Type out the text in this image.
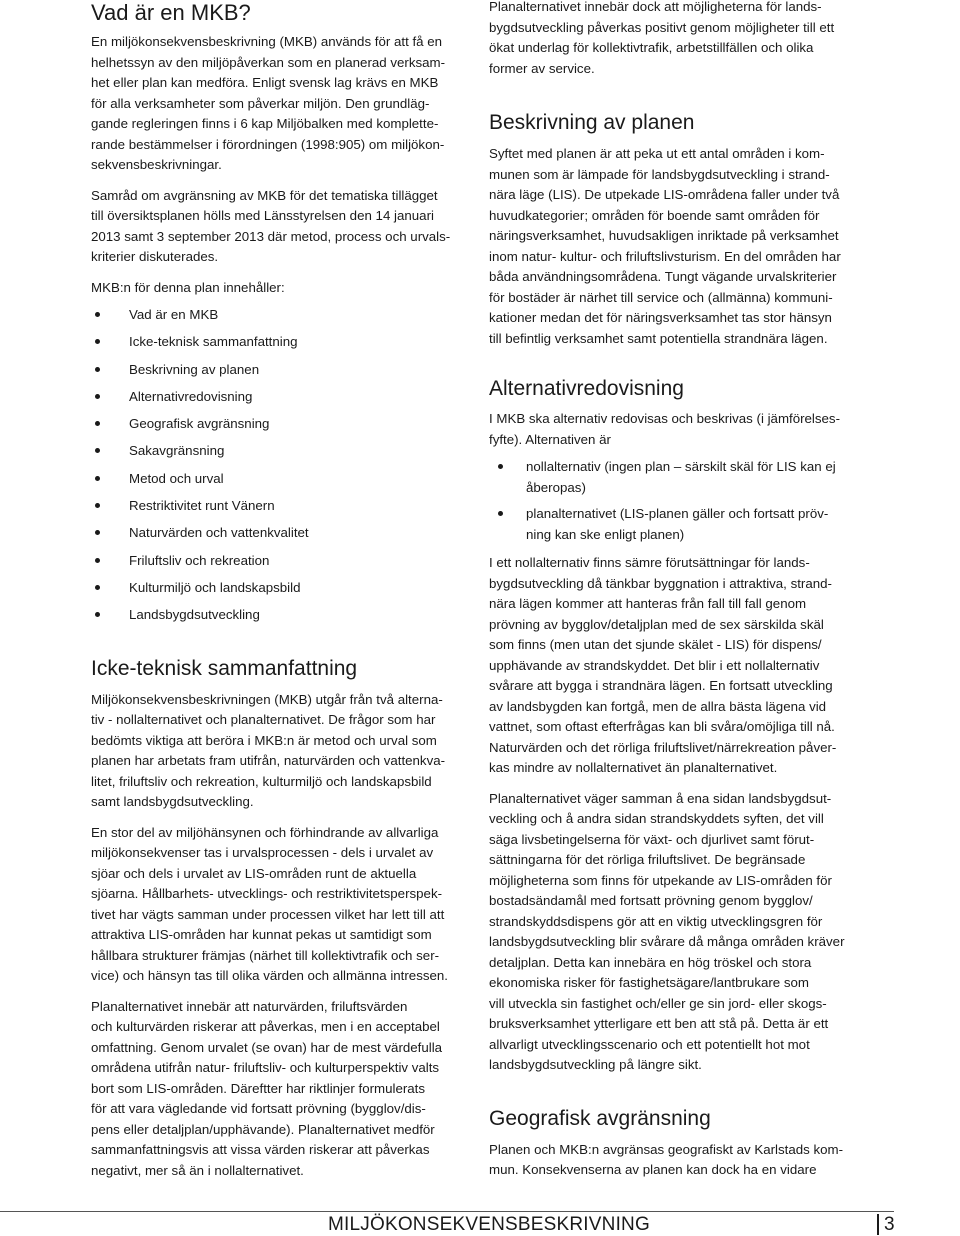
Vad är en MKB?

En miljökonsekvensbeskrivning (MKB) används för att få en
helhetssyn av den miljöpåverkan som en planerad verksam-
het eller plan kan medföra. Enligt svensk lag krävs en MKB
för alla verksamheter som påverkar miljön. Den grundläg-
gande regleringen finns i 6 kap Miljöbalken med komplette-
rande bestämmelser i förordningen (1998:905) om miljökon-
sekvensbeskrivningar.

Samråd om avgränsning av MKB för det tematiska tillägget
till översiktsplanen hölls med Länsstyrelsen den 14 januari
2013 samt 3 september 2013 där metod, process och urvals-
kriterier diskuterades.

MKB:n för denna plan innehåller:

Vad är en MKB
Icke-teknisk sammanfattning
Beskrivning av planen
Alternativredovisning
Geografisk avgränsning
Sakavgränsning
Metod och urval
Restriktivitet runt Vänern
Naturvärden och vattenkvalitet
Friluftsliv och rekreation
Kulturmiljö och landskapsbild
Landsbygdsutveckling
Icke-teknisk sammanfattning

Miljökonsekvensbeskrivningen (MKB) utgår från två alterna-
tiv - nollalternativet och planalternativet. De frågor som har
bedömts viktiga att beröra i MKB:n är metod och urval som
planen har arbetats fram utifrån, naturvärden och vattenkva-
litet, friluftsliv och rekreation, kulturmiljö och landskapsbild
samt landsbygdsutveckling.

En stor del av miljöhänsynen och förhindrande av allvarliga
miljökonsekvenser tas i urvalsprocessen - dels i urvalet av
sjöar och dels i urvalet av LIS-områden runt de aktuella
sjöarna. Hållbarhets- utvecklings- och restriktivitetsperspek-
tivet har vägts samman under processen vilket har lett till att
attraktiva LIS-områden har kunnat pekas ut samtidigt som
hållbara strukturer främjas (närhet till kollektivtrafik och ser-
vice) och hänsyn tas till olika värden och allmänna intressen.

Planalternativet innebär att naturvärden, friluftsvärden
och kulturvärden riskerar att påverkas, men i en acceptabel
omfattning. Genom urvalet (se ovan) har de mest värdefulla
områdena utifrån natur- friluftsliv- och kulturperspektiv valts
bort som LIS-områden. Däreftter har riktlinjer formulerats
för att vara vägledande vid fortsatt prövning (bygglov/dis-
pens eller detaljplan/upphävande). Planalternativet medför
sammanfattningsvis att vissa värden riskerar att påverkas
negativt, mer så än i nollalternativet.

Planalternativet innebär dock att möjligheterna för lands-
bygdsutveckling påverkas positivt genom möjligheter till ett
ökat underlag för kollektivtrafik, arbetstillfällen och olika
former av service.

Beskrivning av planen

Syftet med planen är att peka ut ett antal områden i kom-
munen som är lämpade för landsbygdsutveckling i strand-
nära läge (LIS). De utpekade LIS-områdena faller under två
huvudkategorier; områden för boende samt områden för
näringsverksamhet, huvudsakligen inriktade på verksamhet
inom natur- kultur- och friluftslivsturism. En del områden har
båda användningsområdena. Tungt vägande urvalskriterier
för bostäder är närhet till service och (allmänna) kommuni-
kationer medan det för näringsverksamhet tas stor hänsyn
till befintlig verksamhet samt potentiella strandnära lägen.

Alternativredovisning

I MKB ska alternativ redovisas och beskrivas (i jämförelses-
fyfte). Alternativen är

nollalternativ (ingen plan – särskilt skäl för LIS kan ej
åberopas)
planalternativet (LIS-planen gäller och fortsatt pröv-
ning kan ske enligt planen)

I ett nollalternativ finns sämre förutsättningar för lands-
bygdsutveckling då tänkbar byggnation i attraktiva, strand-
nära lägen kommer att hanteras från fall till fall genom
prövning av bygglov/detaljplan med de sex särskilda skäl
som finns (men utan det sjunde skälet - LIS) för dispens/
upphävande av strandskyddet. Det blir i ett nollalternativ
svårare att bygga i strandnära lägen. En fortsatt utveckling
av landsbygden kan fortgå, men de allra bästa lägena vid
vattnet, som oftast efterfrågas kan bli svåra/omöjliga till nå.
Naturvärden och det rörliga friluftslivet/närrekreation påver-
kas mindre av nollalternativet än planalternativet.

Planalternativet väger samman å ena sidan landsbygdsut-
veckling och å andra sidan strandskyddets syften, det vill
säga livsbetingelserna för växt- och djurlivet samt förut-
sättningarna för det rörliga friluftslivet. De begränsade
möjligheterna som finns för utpekande av LIS-områden för
bostadsändamål med fortsatt prövning genom bygglov/
strandskyddsdispens gör att en viktig utvecklingsgren för
landsbygdsutveckling blir svårare då många områden kräver
detaljplan. Detta kan innebära en hög tröskel och stora
ekonomiska risker för fastighetsägare/lantbrukare som
vill utveckla sin fastighet och/eller ge sin jord- eller skogs-
bruksverksamhet ytterligare ett ben att stå på. Detta är ett
allvarligt utvecklingsscenario och ett potentiellt hot mot
landsbygdsutveckling på längre sikt.

Geografisk avgränsning

Planen och MKB:n avgränsas geografiskt av Karlstads kom-
mun. Konsekvenserna av planen kan dock ha en vidare

MILJÖKONSEKVENSBESKRIVNING	3
